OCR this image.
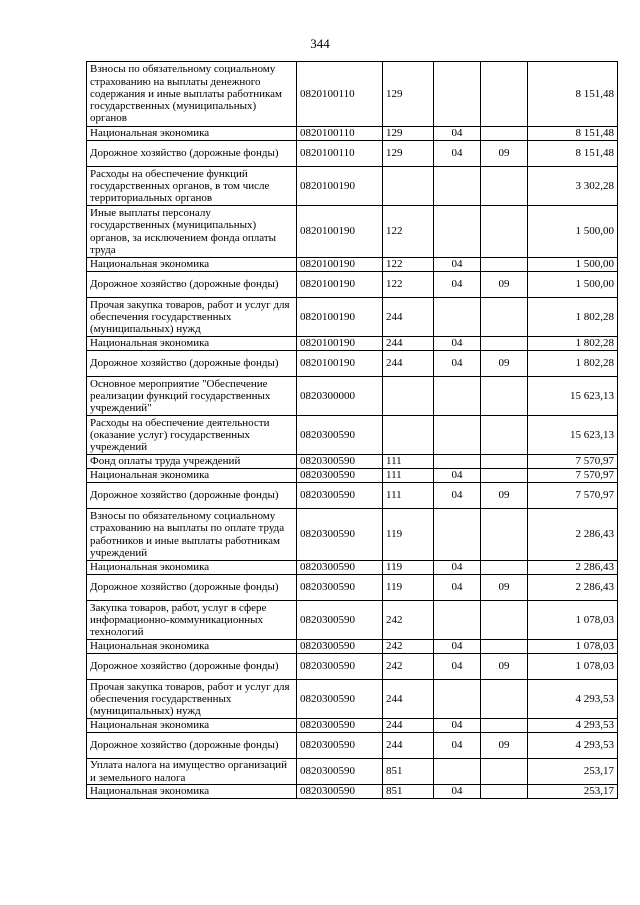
344
Взносы по обязательному социальному страхованию на выплаты денежного содержания и иные выплаты работникам государственных (муниципальных) органов	0820100110	129			8 151,48
Национальная экономика	0820100110	129	04		8 151,48
Дорожное хозяйство (дорожные фонды)	0820100110	129	04	09	8 151,48
Расходы на обеспечение функций государственных органов, в том числе территориальных органов	0820100190				3 302,28
Иные выплаты персоналу государственных (муниципальных) органов, за исключением фонда оплаты труда	0820100190	122			1 500,00
Национальная экономика	0820100190	122	04		1 500,00
Дорожное хозяйство (дорожные фонды)	0820100190	122	04	09	1 500,00
Прочая закупка товаров, работ и услуг для обеспечения государственных (муниципальных) нужд	0820100190	244			1 802,28
Национальная экономика	0820100190	244	04		1 802,28
Дорожное хозяйство (дорожные фонды)	0820100190	244	04	09	1 802,28
Основное мероприятие "Обеспечение реализации функций государственных учреждений"	0820300000				15 623,13
Расходы на обеспечение деятельности (оказание услуг) государственных учреждений	0820300590				15 623,13
Фонд оплаты труда учреждений	0820300590	111			7 570,97
Национальная экономика	0820300590	111	04		7 570,97
Дорожное хозяйство (дорожные фонды)	0820300590	111	04	09	7 570,97
Взносы по обязательному социальному страхованию на выплаты по оплате труда работников и иные выплаты работникам учреждений	0820300590	119			2 286,43
Национальная экономика	0820300590	119	04		2 286,43
Дорожное хозяйство (дорожные фонды)	0820300590	119	04	09	2 286,43
Закупка товаров, работ, услуг в сфере информационно-коммуникационных технологий	0820300590	242			1 078,03
Национальная экономика	0820300590	242	04		1 078,03
Дорожное хозяйство (дорожные фонды)	0820300590	242	04	09	1 078,03
Прочая закупка товаров, работ и услуг для обеспечения государственных (муниципальных) нужд	0820300590	244			4 293,53
Национальная экономика	0820300590	244	04		4 293,53
Дорожное хозяйство (дорожные фонды)	0820300590	244	04	09	4 293,53
Уплата налога на имущество организаций и земельного налога	0820300590	851			253,17
Национальная экономика	0820300590	851	04		253,17
